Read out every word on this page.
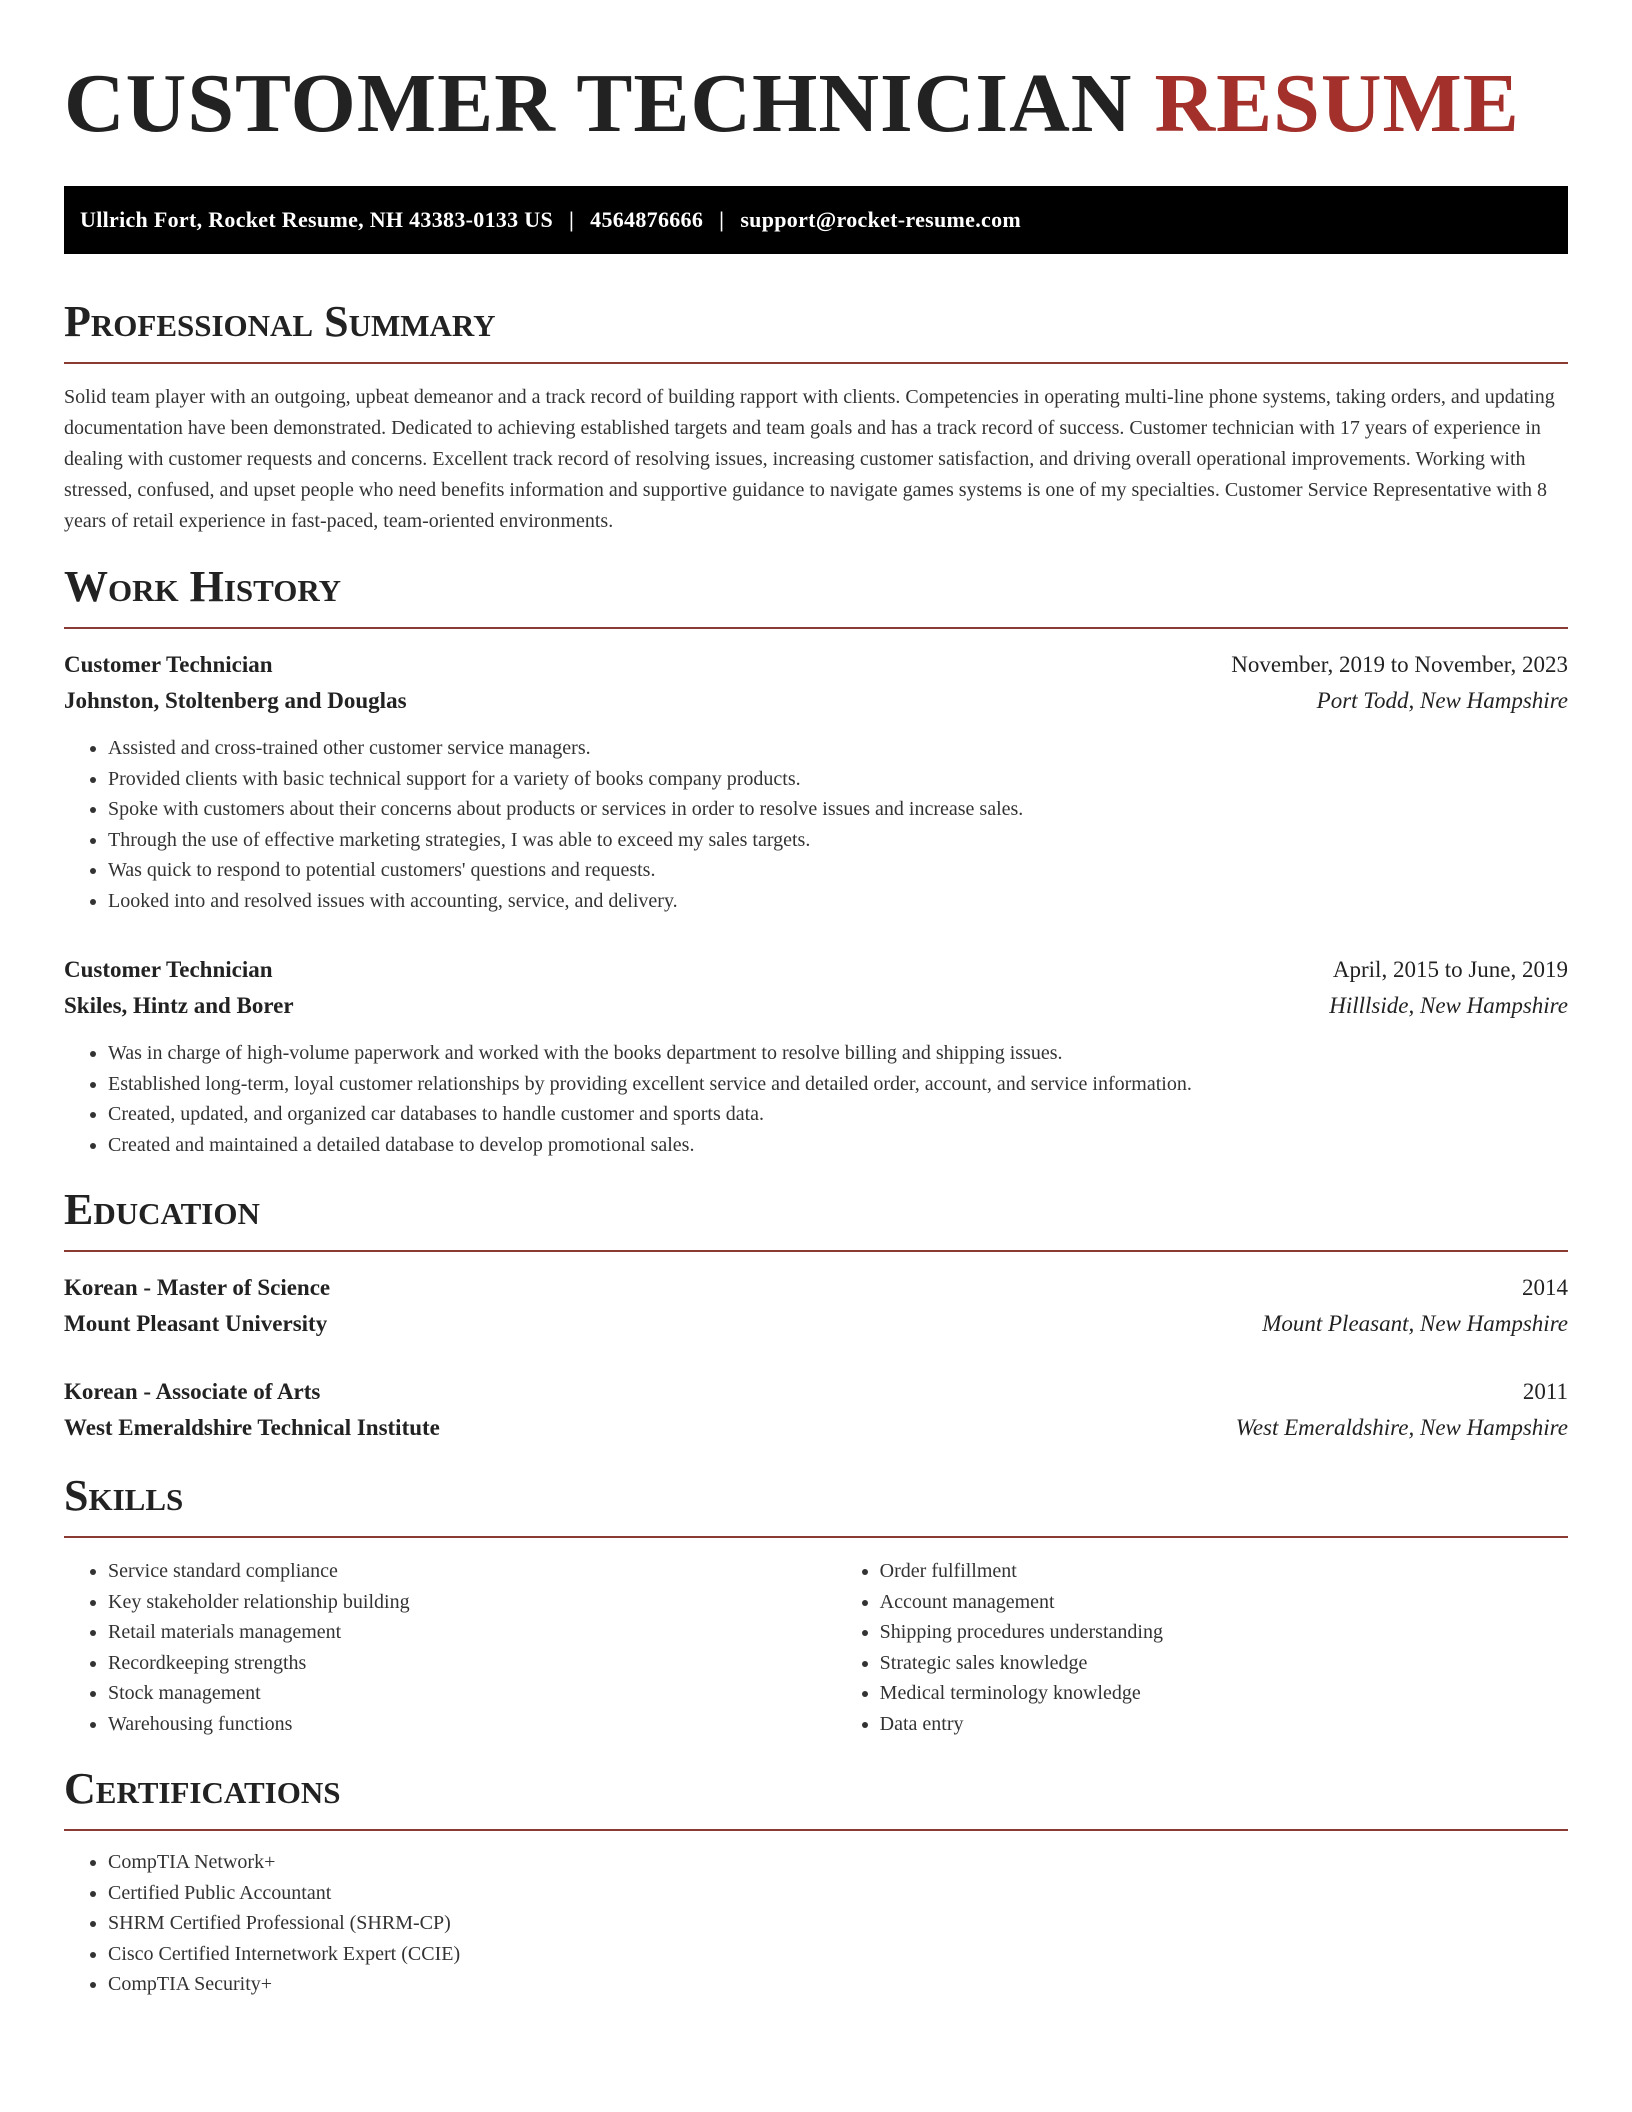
CUSTOMER TECHNICIAN RESUME
Ullrich Fort, Rocket Resume, NH 43383-0133 US | 4564876666 | support@rocket-resume.com
Professional Summary

Solid team player with an outgoing, upbeat demeanor and a track record of building rapport with clients. Competencies in operating multi-line phone systems, taking orders, and updating documentation have been demonstrated. Dedicated to achieving established targets and team goals and has a track record of success. Customer technician with 17 years of experience in dealing with customer requests and concerns. Excellent track record of resolving issues, increasing customer satisfaction, and driving overall operational improvements. Working with stressed, confused, and upset people who need benefits information and supportive guidance to navigate games systems is one of my specialties. Customer Service Representative with 8 years of retail experience in fast-paced, team-oriented environments.

Work History
Customer Technician	November, 2019 to November, 2023
Johnston, Stoltenberg and Douglas	Port Todd, New Hampshire
• Assisted and cross-trained other customer service managers.
• Provided clients with basic technical support for a variety of books company products.
• Spoke with customers about their concerns about products or services in order to resolve issues and increase sales.
• Through the use of effective marketing strategies, I was able to exceed my sales targets.
• Was quick to respond to potential customers' questions and requests.
• Looked into and resolved issues with accounting, service, and delivery.
Customer Technician	April, 2015 to June, 2019
Skiles, Hintz and Borer	Hilllside, New Hampshire
• Was in charge of high-volume paperwork and worked with the books department to resolve billing and shipping issues.
• Established long-term, loyal customer relationships by providing excellent service and detailed order, account, and service information.
• Created, updated, and organized car databases to handle customer and sports data.
• Created and maintained a detailed database to develop promotional sales.
Education
Korean - Master of Science	2014
Mount Pleasant University	Mount Pleasant, New Hampshire
Korean - Associate of Arts	2011
West Emeraldshire Technical Institute	West Emeraldshire, New Hampshire
Skills
• Service standard compliance
• Key stakeholder relationship building
• Retail materials management
• Recordkeeping strengths
• Stock management
• Warehousing functions
• Order fulfillment
• Account management
• Shipping procedures understanding
• Strategic sales knowledge
• Medical terminology knowledge
• Data entry
Certifications
• CompTIA Network+
• Certified Public Accountant
• SHRM Certified Professional (SHRM-CP)
• Cisco Certified Internetwork Expert (CCIE)
• CompTIA Security+
